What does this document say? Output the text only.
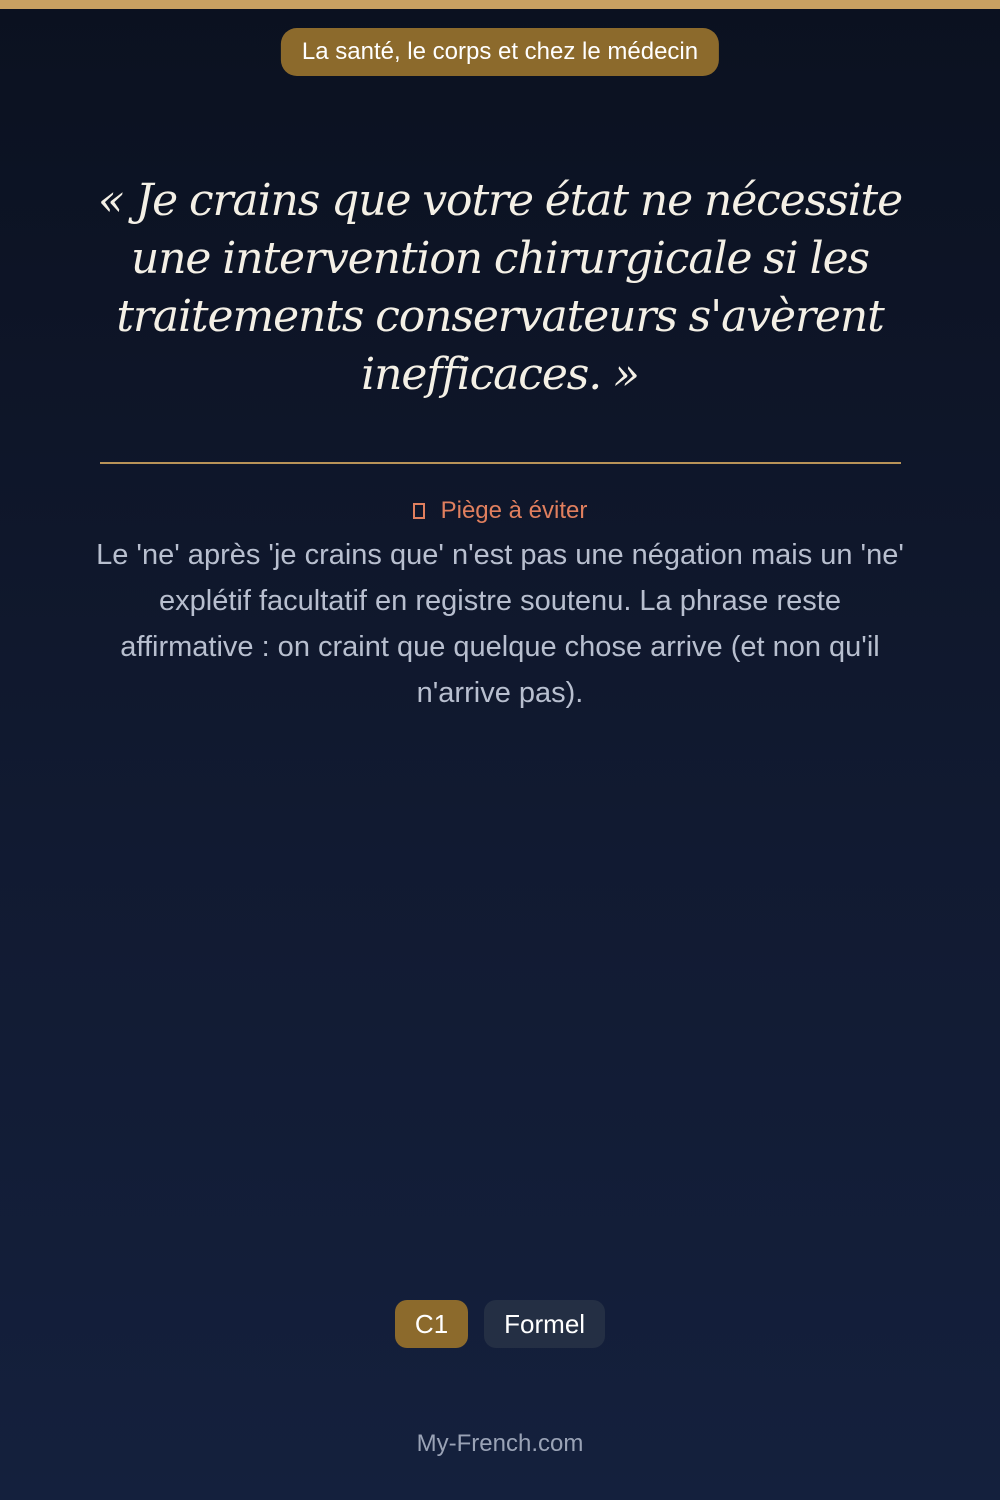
La santé, le corps et chez le médecin
« Je crains que votre état ne nécessite une intervention chirurgicale si les traitements conservateurs s'avèrent inefficaces. »
Piège à éviter

Le 'ne' après 'je crains que' n'est pas une négation mais un 'ne' explétif facultatif en registre soutenu. La phrase reste affirmative : on craint que quelque chose arrive (et non qu'il n'arrive pas).

C1 Formel
My-French.com
